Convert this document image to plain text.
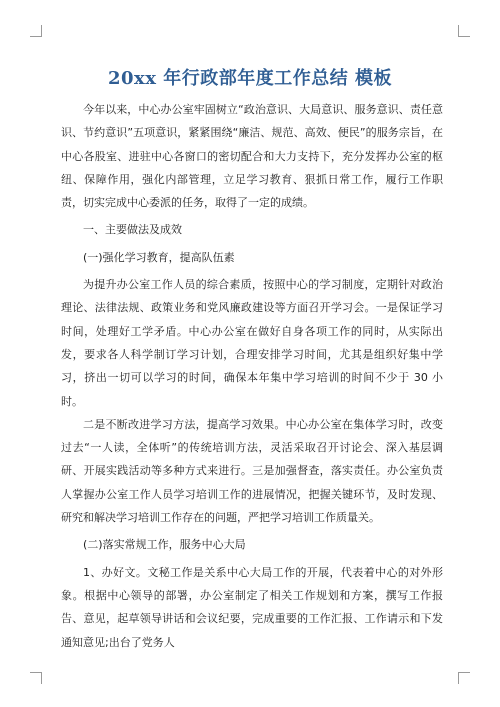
20xx 年行政部年度工作总结 模板

今年以来，中心办公室牢固树立“政治意识、大局意识、服务意识、责任意识、节约意识”五项意识，紧紧围绕“廉洁、规范、高效、便民”的服务宗旨，在中心各股室、进驻中心各窗口的密切配合和大力支持下，充分发挥办公室的枢纽、保障作用，强化内部管理，立足学习教育、狠抓日常工作，履行工作职责，切实完成中心委派的任务，取得了一定的成绩。

一、主要做法及成效

(一)强化学习教育，提高队伍素

为提升办公室工作人员的综合素质，按照中心的学习制度，定期针对政治理论、法律法规、政策业务和党风廉政建设等方面召开学习会。一是保证学习时间，处理好工学矛盾。中心办公室在做好自身各项工作的同时，从实际出发，要求各人科学制订学习计划，合理安排学习时间，尤其是组织好集中学习，挤出一切可以学习的时间，确保本年集中学习培训的时间不少于 30 小时。

二是不断改进学习方法，提高学习效果。中心办公室在集体学习时，改变过去“一人读，全体听”的传统培训方法，灵活采取召开讨论会、深入基层调研、开展实践活动等多种方式来进行。三是加强督查，落实责任。办公室负责人掌握办公室工作人员学习培训工作的进展情况，把握关键环节，及时发现、研究和解决学习培训工作存在的问题，严把学习培训工作质量关。

(二)落实常规工作，服务中心大局

1、办好文。文秘工作是关系中心大局工作的开展，代表着中心的对外形象。根据中心领导的部署，办公室制定了相关工作规划和方案，撰写工作报告、意见，起草领导讲话和会议纪要，完成重要的工作汇报、工作请示和下发通知意见;出台了党务人
